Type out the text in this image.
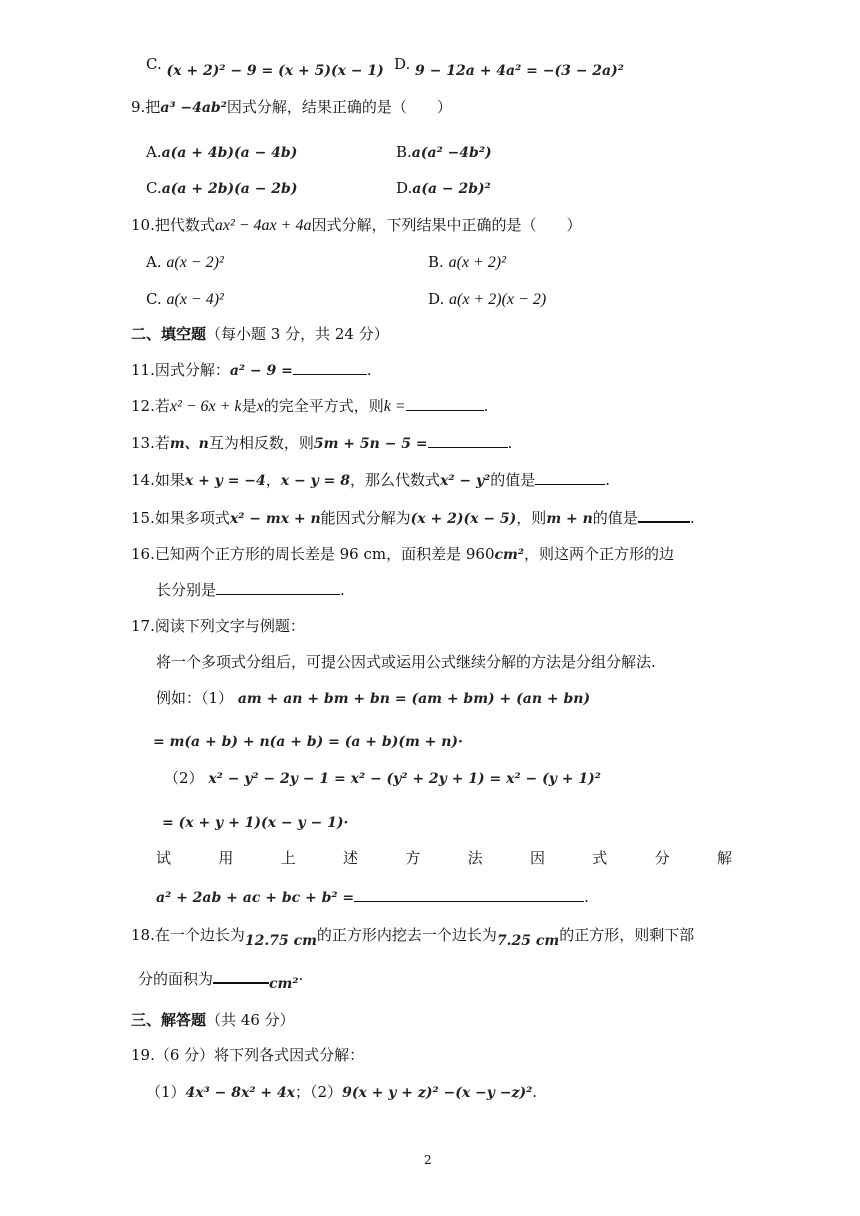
C. (x + 2)² − 9 = (x + 5)(x − 1) D. 9 − 12a + 4a² = −(3 − 2a)²
9.把a³ −4ab²因式分解，结果正确的是（　　）
A.a(a + 4b)(a − 4b)	B.a(a² −4b²)
C.a(a + 2b)(a − 2b)	D.a(a − 2b)²
10.把代数式ax² − 4ax + 4a因式分解，下列结果中正确的是（　　）
A. a(x − 2)²	B. a(x + 2)²
C. a(x − 4)²	D. a(x + 2)(x − 2)
二、填空题（每小题 3 分，共 24 分）
11.因式分解：a² − 9 =	.
12.若x² − 6x + k是x的完全平方式，则k =	.
13.若m、n互为相反数，则5m + 5n − 5 =	.
14.如果x + y = −4，x − y = 8，那么代数式x² − y²的值是	.
15.如果多项式x² − mx + n能因式分解为(x + 2)(x − 5)，则m + n的值是	.
16.已知两个正方形的周长差是 96 cm，面积差是 960cm²，则这两个正方形的边
长分别是	.
17.阅读下列文字与例题：
将一个多项式分组后，可提公因式或运用公式继续分解的方法是分组分解法.
例如：（1） am + an + bm + bn = (am + bm) + (an + bn)
= m(a + b) + n(a + b) = (a + b)(m + n)·
（2） x² − y² − 2y − 1 = x² − (y² + 2y + 1) = x² − (y + 1)²
= (x + y + 1)(x − y − 1)·
试	用	上	述	方	法	因	式	分	解
a² + 2ab + ac + bc + b² =	.
18.在一个边长为12.75 cm的正方形内挖去一个边长为7.25 cm的正方形，则剩下部
分的面积为	cm²·
三、解答题（共 46 分）
19.（6 分）将下列各式因式分解：
（1）4x³ − 8x² + 4x；（2）9(x + y + z)² −(x −y −z)².
2
